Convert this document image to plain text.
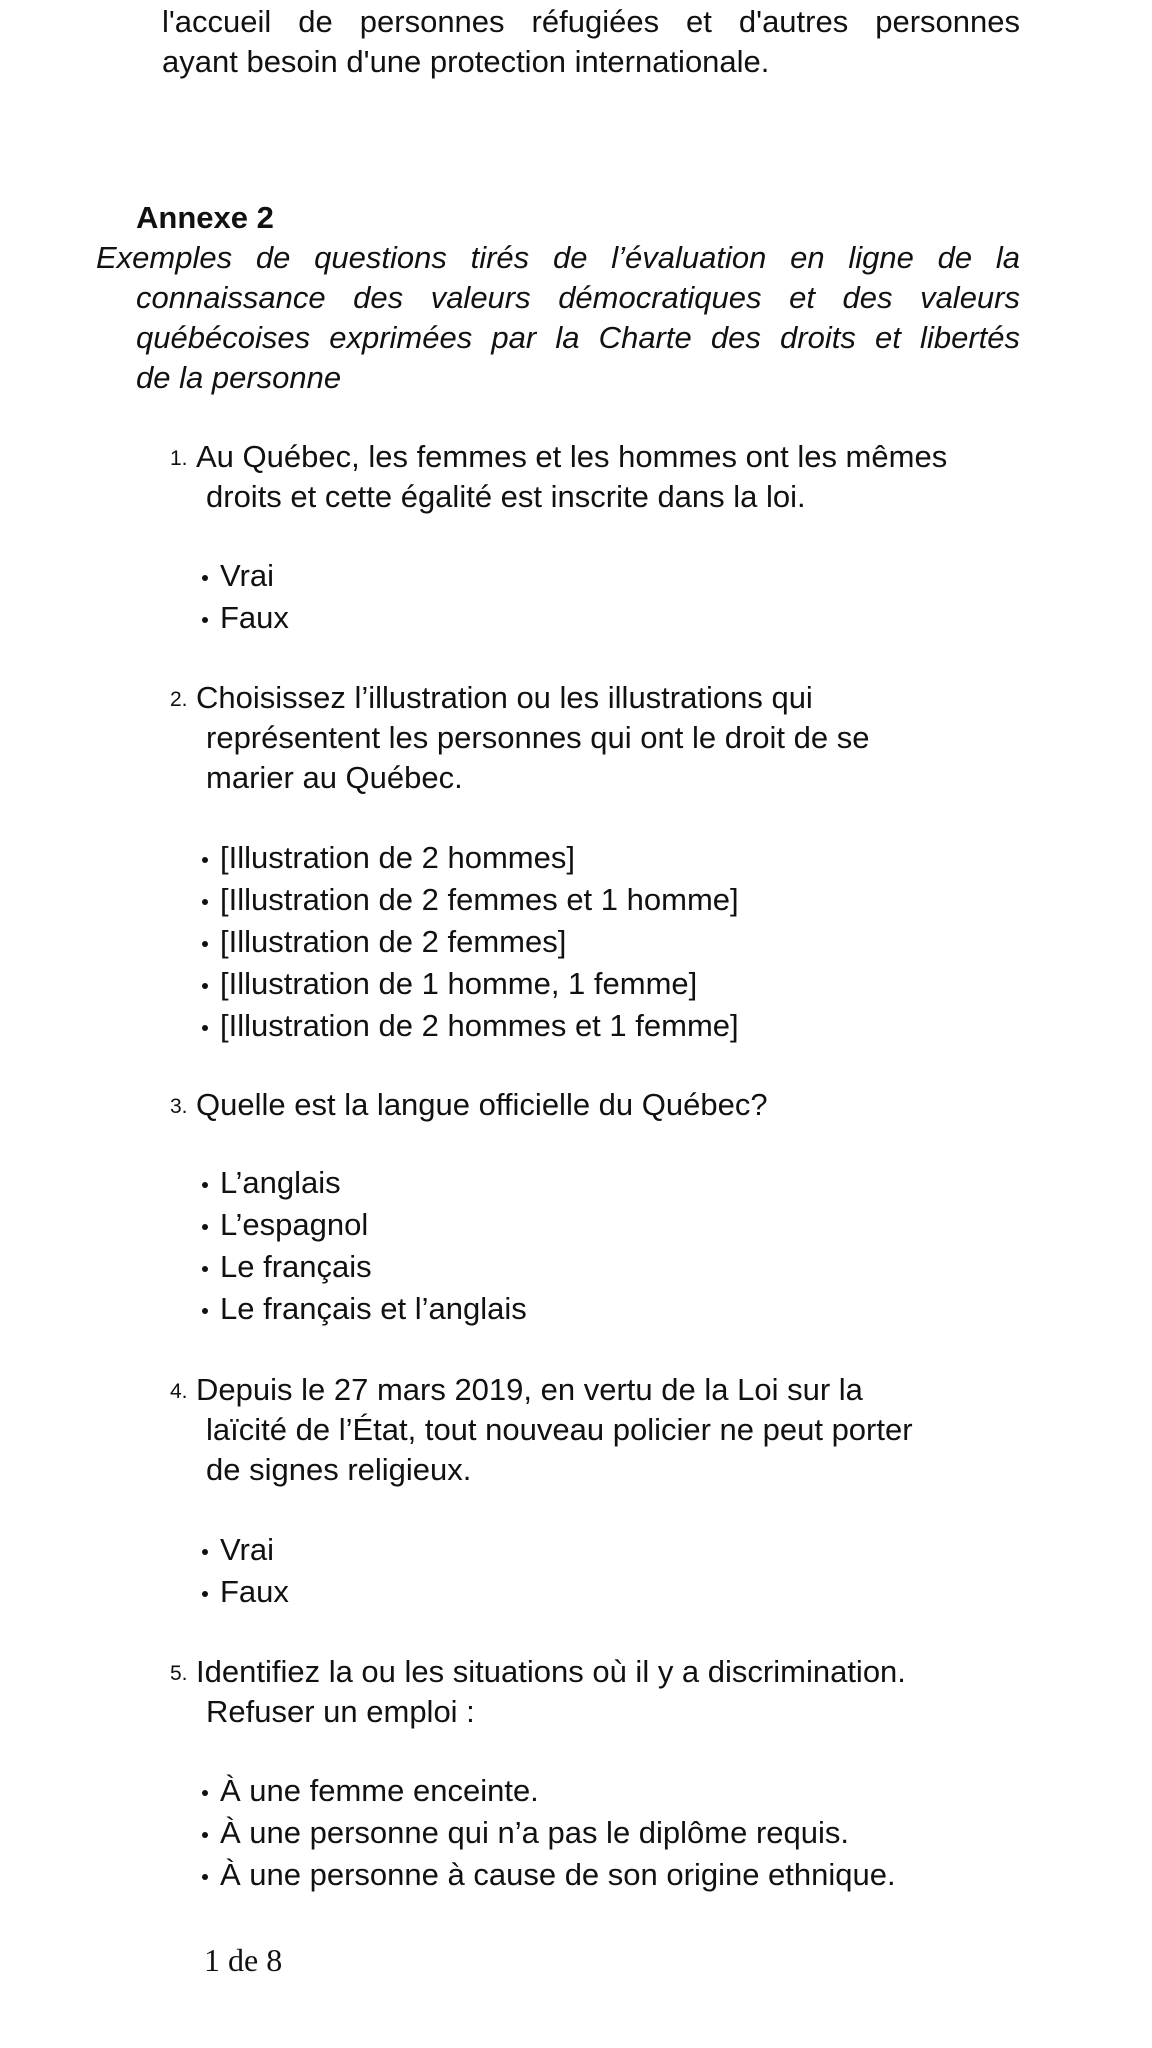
l'accueil de personnes réfugiées et d'autres personnes
ayant besoin d'une protection internationale.
Annexe 2
Exemples de questions tirés de l’évaluation en ligne de la
connaissance des valeurs démocratiques et des valeurs
québécoises exprimées par la Charte des droits et libertés
de la personne
1. Au Québec, les femmes et les hommes ont les mêmes
droits et cette égalité est inscrite dans la loi.
Vrai
Faux
2. Choisissez l’illustration ou les illustrations qui
représentent les personnes qui ont le droit de se
marier au Québec.
[Illustration de 2 hommes]
[Illustration de 2 femmes et 1 homme]
[Illustration de 2 femmes]
[Illustration de 1 homme, 1 femme]
[Illustration de 2 hommes et 1 femme]
3. Quelle est la langue officielle du Québec?
L’anglais
L’espagnol
Le français
Le français et l’anglais
4. Depuis le 27 mars 2019, en vertu de la Loi sur la
laïcité de l’État, tout nouveau policier ne peut porter
de signes religieux.
Vrai
Faux
5. Identifiez la ou les situations où il y a discrimination.
Refuser un emploi :
À une femme enceinte.
À une personne qui n’a pas le diplôme requis.
À une personne à cause de son origine ethnique.
1 de 8
